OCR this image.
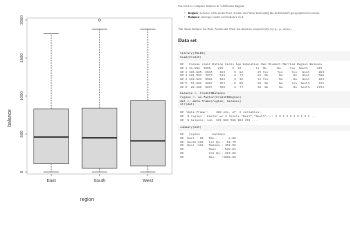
0
500
1000
1500
2000
East	South	West
balance
region
We wish to compare balance in 3 different Region.
• Region: A factor with levels East, South, and West indicating the individual's geographical location.
• Balance: Average credit card balance in $.
The mean balance for East, South and West are denoted, respectively, by μ₁, μ₂ and μ₃.
Data set
library(ISLR2)
head(Credit)
##   Income Limit Rating Cards Age Education Own Student Married Region Balance
## 1 14.891  3606    283     2  34        11  No      No     Yes  South     333
## 2 106.025  6645    483     3  82        15 Yes     Yes     Yes   West     903
## 3 104.593  7075    514     4  71        11  No      No      No   West     580
## 4 148.924  9504    681     3  36        11 Yes      No      No   West     964
## 5  55.882  4897    357     2  68        16  No      No     Yes  South     331
## 6  80.180  8047    569     4  77        10  No      No      No  South    1151
balance <- Credit$Balance
region <- as.factor(Credit$Region)
dat <- data.frame(region, balance)
str(dat)
## 'data.frame':    400 obs. of  2 variables:
##  $ region : Factor w/ 3 levels "East","South",..: 2 3 3 3 2 3 2 2 3 1 ...
##  $ balance: num  333 903 580 964 331 ...
summary(dat)
##   region       balance
##  East : 99   Min.   :   0.00
##  South:199   1st Qu.:  68.75
##  West :102   Median : 459.50
##              Mean   : 520.01
##              3rd Qu.: 863.00
##              Max.   :1999.00
